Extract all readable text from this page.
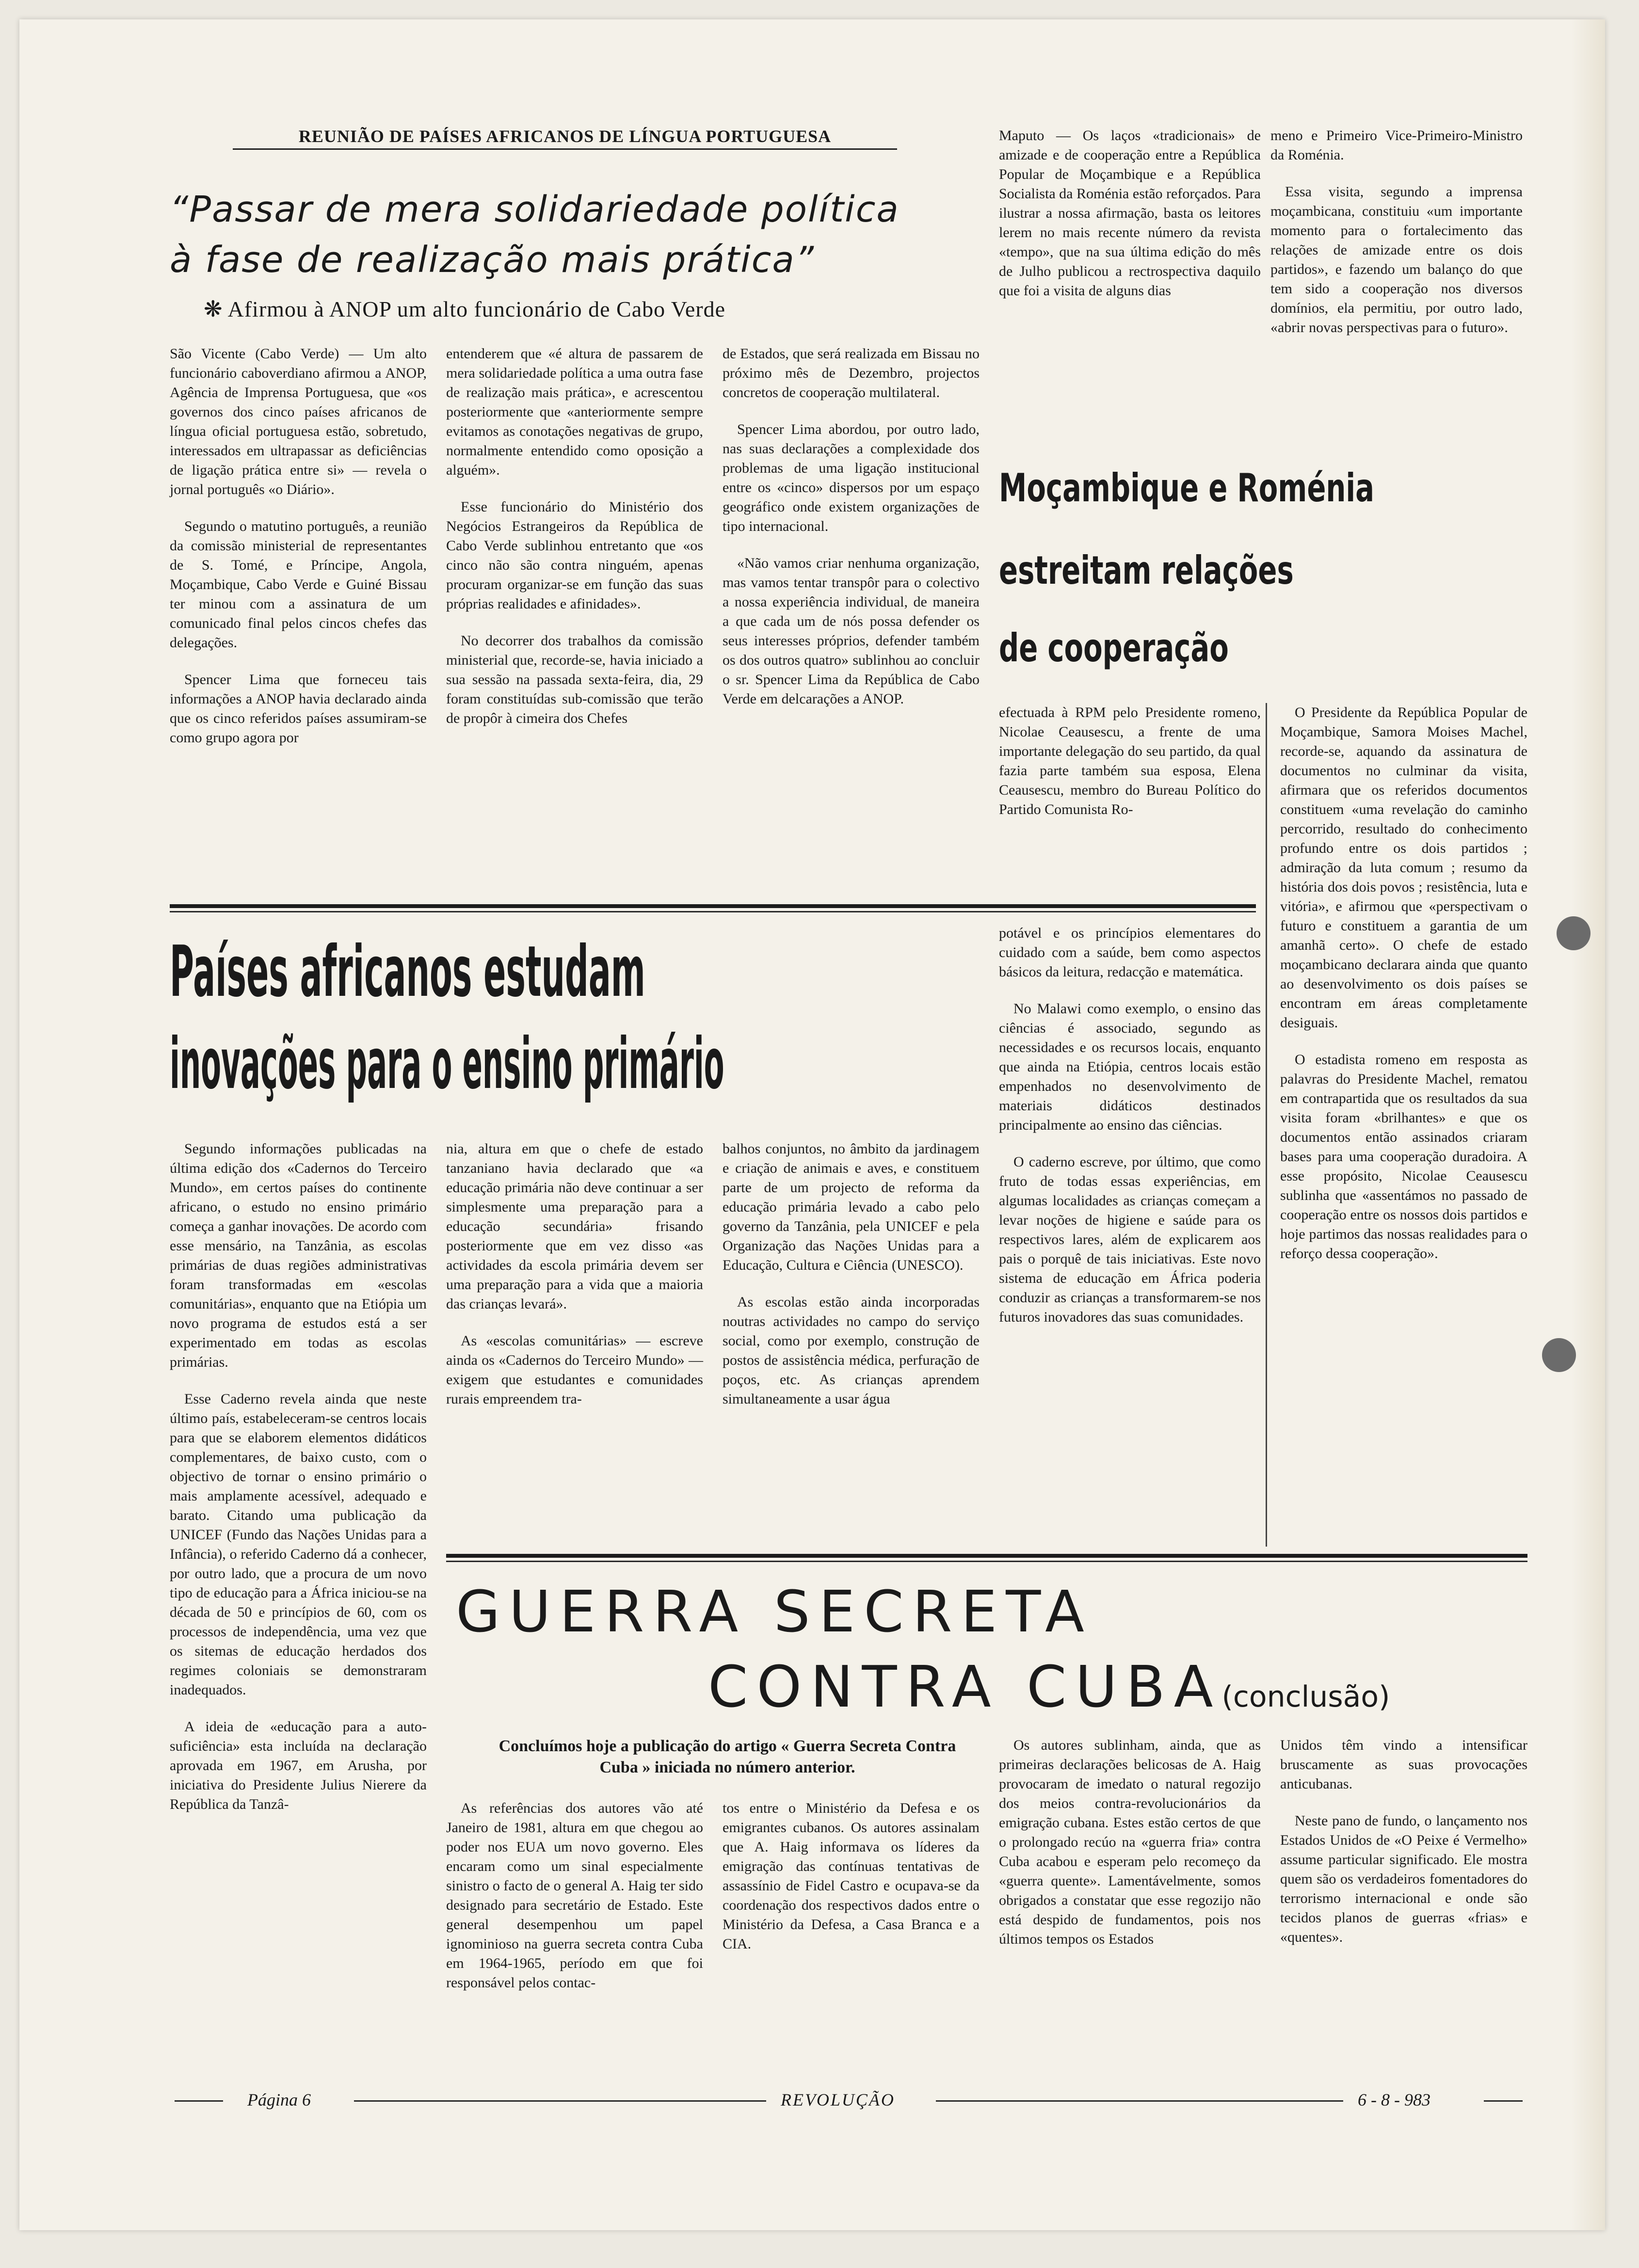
REUNIÃO DE PAÍSES AFRICANOS DE LÍNGUA PORTUGUESA
“Passar de mera solidariedade política
à fase de realização mais prática”
❋ Afirmou à ANOP um alto funcionário de Cabo Verde

São Vicente (Cabo Verde) — Um alto funcionário caboverdiano afirmou a ANOP, Agência de Imprensa Portuguesa, que «os governos dos cinco países africanos de língua oficial portuguesa estão, sobretudo, interessados em ultrapassar as deficiências de ligação prática entre si» — revela o jornal português «o Diário».

Segundo o matutino português, a reunião da comissão ministerial de representantes de S. Tomé, e Príncipe, Angola, Moçambique, Cabo Verde e Guiné Bissau ter minou com a assinatura de um comunicado final pelos cincos chefes das delegações.

Spencer Lima que forneceu tais informações a ANOP havia declarado ainda que os cinco referidos países assumiram-se como grupo agora por

entenderem que «é altura de passarem de mera solidariedade política a uma outra fase de realização mais prática», e acrescentou posteriormente que «anteriormente sempre evitamos as conotações negativas de grupo, normalmente entendido como oposição a alguém».

Esse funcionário do Ministério dos Negócios Estrangeiros da República de Cabo Verde sublinhou entretanto que «os cinco não são contra ninguém, apenas procuram organizar-se em função das suas próprias realidades e afinidades».

No decorrer dos trabalhos da comissão ministerial que, recorde-se, havia iniciado a sua sessão na passada sexta-feira, dia, 29 foram constituídas sub-comissão que terão de propôr à cimeira dos Chefes

de Estados, que será realizada em Bissau no próximo mês de Dezembro, projectos concretos de cooperação multilateral.

Spencer Lima abordou, por outro lado, nas suas declarações a complexidade dos problemas de uma ligação institucional entre os «cinco» dispersos por um espaço geográfico onde existem organizações de tipo internacional.

«Não vamos criar nenhuma organização, mas vamos tentar transpôr para o colectivo a nossa experiência individual, de maneira a que cada um de nós possa defender os seus interesses próprios, defender também os dos outros quatro» sublinhou ao concluir o sr. Spencer Lima da República de Cabo Verde em delcarações a ANOP.

Maputo — Os laços «tradicionais» de amizade e de cooperação entre a República Popular de Moçambique e a República Socialista da Roménia estão reforçados. Para ilustrar a nossa afirmação, basta os leitores lerem no mais recente número da revista «tempo», que na sua última edição do mês de Julho publicou a rectrospectiva daquilo que foi a visita de alguns dias

meno e Primeiro Vice-Primeiro-Ministro da Roménia.

Essa visita, segundo a imprensa moçambicana, constituiu «um importante momento para o fortalecimento das relações de amizade entre os dois partidos», e fazendo um balanço do que tem sido a cooperação nos diversos domínios, ela permitiu, por outro lado, «abrir novas perspectivas para o futuro».

Moçambique e Roménia
estreitam relações
de cooperação

efectuada à RPM pelo Presidente romeno, Nicolae Ceausescu, a frente de uma importante delegação do seu partido, da qual fazia parte também sua esposa, Elena Ceausescu, membro do Bureau Político do Partido Comunista Ro-

O Presidente da República Popular de Moçambique, Samora Moises Machel, recorde-se, aquando da assinatura de documentos no culminar da visita, afirmara que os referidos documentos constituem «uma revelação do caminho percorrido, resultado do conhecimento profundo entre os dois partidos ; admiração da luta comum ; resumo da história dos dois povos ; resistência, luta e vitória», e afirmou que «perspectivam o futuro e constituem a garantia de um amanhã certo». O chefe de estado moçambicano declarara ainda que quanto ao desenvolvimento os dois países se encontram em áreas completamente desiguais.

O estadista romeno em resposta as palavras do Presidente Machel, rematou em contrapartida que os resultados da sua visita foram «brilhantes» e que os documentos então assinados criaram bases para uma cooperação duradoira. A esse propósito, Nicolae Ceausescu sublinha que «assentámos no passado de cooperação entre os nossos dois partidos e hoje partimos das nossas realidades para o reforço dessa cooperação».

Países africanos estudam
inovações para o ensino primário

Segundo informações publicadas na última edição dos «Cadernos do Terceiro Mundo», em certos países do continente africano, o estudo no ensino primário começa a ganhar inovações. De acordo com esse mensário, na Tanzânia, as escolas primárias de duas regiões administrativas foram transformadas em «escolas comunitárias», enquanto que na Etiópia um novo programa de estudos está a ser experimentado em todas as escolas primárias.

Esse Caderno revela ainda que neste último país, estabeleceram-se centros locais para que se elaborem elementos didáticos complementares, de baixo custo, com o objectivo de tornar o ensino primário o mais amplamente acessível, adequado e barato. Citando uma publicação da UNICEF (Fundo das Nações Unidas para a Infância), o referido Caderno dá a conhecer, por outro lado, que a procura de um novo tipo de educação para a África iniciou-se na década de 50 e princípios de 60, com os processos de independência, uma vez que os sitemas de educação herdados dos regimes coloniais se demonstraram inadequados.

A ideia de «educação para a auto-suficiência» esta incluída na declaração aprovada em 1967, em Arusha, por iniciativa do Presidente Julius Nierere da República da Tanzâ-

nia, altura em que o chefe de estado tanzaniano havia declarado que «a educação primária não deve continuar a ser simplesmente uma preparação para a educação secundária» frisando posteriormente que em vez disso «as actividades da escola primária devem ser uma preparação para a vida que a maioria das crianças levará».

As «escolas comunitárias» — escreve ainda os «Cadernos do Terceiro Mundo» — exigem que estudantes e comunidades rurais empreendem tra-

balhos conjuntos, no âmbito da jardinagem e criação de animais e aves, e constituem parte de um projecto de reforma da educação primária levado a cabo pelo governo da Tanzânia, pela UNICEF e pela Organização das Nações Unidas para a Educação, Cultura e Ciência (UNESCO).

As escolas estão ainda incorporadas noutras actividades no campo do serviço social, como por exemplo, construção de postos de assistência médica, perfuração de poços, etc. As crianças aprendem simultaneamente a usar água

potável e os princípios elementares do cuidado com a saúde, bem como aspectos básicos da leitura, redacção e matemática.

No Malawi como exemplo, o ensino das ciências é associado, segundo as necessidades e os recursos locais, enquanto que ainda na Etiópia, centros locais estão empenhados no desenvolvimento de materiais didáticos destinados principalmente ao ensino das ciências.

O caderno escreve, por último, que como fruto de todas essas experiências, em algumas localidades as crianças começam a levar noções de higiene e saúde para os respectivos lares, além de explicarem aos pais o porquê de tais iniciativas. Este novo sistema de educação em África poderia conduzir as crianças a transformarem-se nos futuros inovadores das suas comunidades.

GUERRA SECRETA
CONTRA CUBA(conclusão)
Concluímos hoje a publicação do artigo « Guerra Secreta Contra Cuba » iniciada no número anterior.

As referências dos autores vão até Janeiro de 1981, altura em que chegou ao poder nos EUA um novo governo. Eles encaram como um sinal especialmente sinistro o facto de o general A. Haig ter sido designado para secretário de Estado. Este general desempenhou um papel ignominioso na guerra secreta contra Cuba em 1964-1965, período em que foi responsável pelos contac-

tos entre o Ministério da Defesa e os emigrantes cubanos. Os autores assinalam que A. Haig informava os líderes da emigração das contínuas tentativas de assassínio de Fidel Castro e ocupava-se da coordenação dos respectivos dados entre o Ministério da Defesa, a Casa Branca e a CIA.

Os autores sublinham, ainda, que as primeiras declarações belicosas de A. Haig provocaram de imedato o natural regozijo dos meios contra-revolucionários da emigração cubana. Estes estão certos de que o prolongado recúo na «guerra fria» contra Cuba acabou e esperam pelo recomeço da «guerra quente». Lamentávelmente, somos obrigados a constatar que esse regozijo não está despido de fundamentos, pois nos últimos tempos os Estados

Unidos têm vindo a intensificar bruscamente as suas provocações anticubanas.

Neste pano de fundo, o lançamento nos Estados Unidos de «O Peixe é Vermelho» assume particular significado. Ele mostra quem são os verdadeiros fomentadores do terrorismo internacional e onde são tecidos planos de guerras «frias» e «quentes».

Página 6	REVOLUÇÃO	6 - 8 - 983
